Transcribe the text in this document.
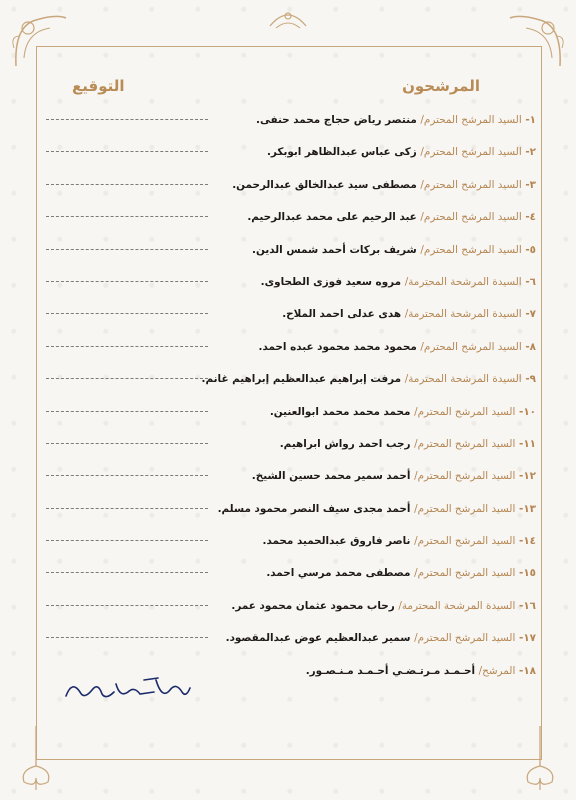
المرشحون
التوقيع
١- السيد المرشح المحترم/ منتصر رياض حجاج محمد حنفى.
٢- السيد المرشح المحترم/ زكى عباس عبدالظاهر ابوبكر.
٣- السيد المرشح المحترم/ مصطفى سيد عبدالخالق عبدالرحمن.
٤- السيد المرشح المحترم/ عبد الرحيم على محمد عبدالرحيم.
٥- السيد المرشح المحترم/ شريف بركات أحمد شمس الدين.
٦- السيدة المرشحة المحترمة/ مروه سعيد فوزى الطحاوى.
٧- السيدة المرشحة المحترمة/ هدى عدلى احمد الملاح.
٨- السيد المرشح المحترم/ محمود محمد محمود عبده احمد.
٩- السيدة المرشحة المحترمة/ مرفت إبراهيم عبدالعظيم إبراهيم غانم.
١٠- السيد المرشح المحترم/ محمد محمد محمد ابوالعنين.
١١- السيد المرشح المحترم/ رجب احمد رواش ابراهيم.
١٢- السيد المرشح المحترم/ أحمد سمير محمد حسين الشيخ.
١٣- السيد المرشح المحترم/ أحمد مجدى سيف النصر محمود مسلم.
١٤- السيد المرشح المحترم/ ناصر فاروق عبدالحميد محمد.
١٥- السيد المرشح المحترم/ مصطفى محمد مرسي احمد.
١٦- السيدة المرشحة المحترمة/ رحاب محمود عثمان محمود عمر.
١٧- السيد المرشح المحترم/ سمير عبدالعظيم عوض عبدالمقصود.
١٨- المرشح/ أحـمـد مـرتـضـي أحـمـد مـنـصـور.
